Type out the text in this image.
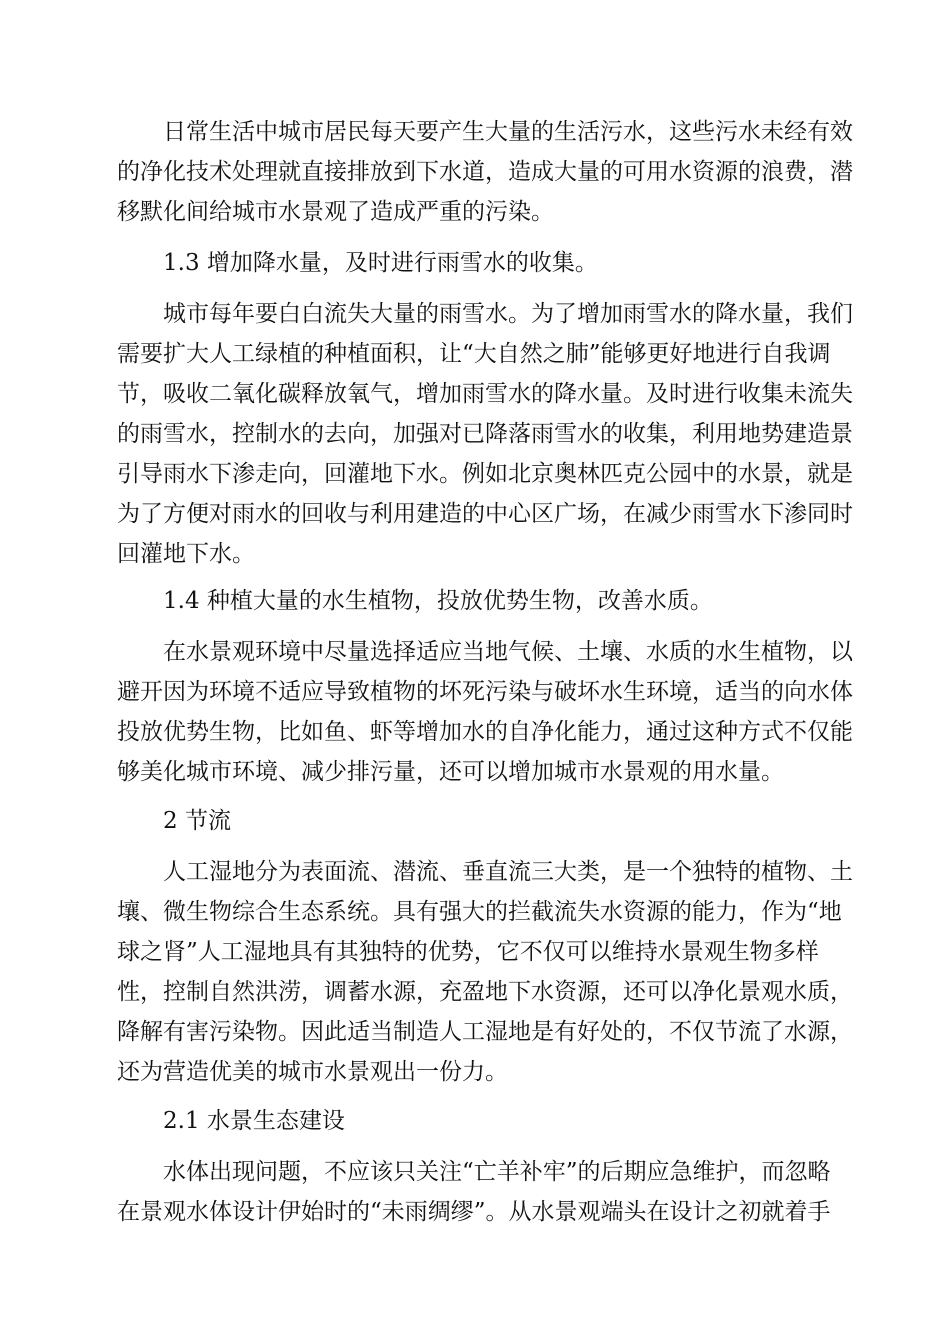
日常生活中城市居民每天要产生大量的生活污水，这些污水未经有效
的净化技术处理就直接排放到下水道，造成大量的可用水资源的浪费，潜
移默化间给城市水景观了造成严重的污染。

1.3 增加降水量，及时进行雨雪水的收集。

城市每年要白白流失大量的雨雪水。为了增加雨雪水的降水量，我们
需要扩大人工绿植的种植面积，让“大自然之肺”能够更好地进行自我调
节，吸收二氧化碳释放氧气，增加雨雪水的降水量。及时进行收集未流失
的雨雪水，控制水的去向，加强对已降落雨雪水的收集，利用地势建造景
引导雨水下渗走向，回灌地下水。例如北京奥林匹克公园中的水景，就是
为了方便对雨水的回收与利用建造的中心区广场，在减少雨雪水下渗同时
回灌地下水。

1.4 种植大量的水生植物，投放优势生物，改善水质。

在水景观环境中尽量选择适应当地气候、土壤、水质的水生植物，以
避开因为环境不适应导致植物的坏死污染与破坏水生环境，适当的向水体
投放优势生物，比如鱼、虾等增加水的自净化能力，通过这种方式不仅能
够美化城市环境、减少排污量，还可以增加城市水景观的用水量。

2 节流

人工湿地分为表面流、潜流、垂直流三大类，是一个独特的植物、土
壤、微生物综合生态系统。具有强大的拦截流失水资源的能力，作为“地
球之肾”人工湿地具有其独特的优势，它不仅可以维持水景观生物多样
性，控制自然洪涝，调蓄水源，充盈地下水资源，还可以净化景观水质，
降解有害污染物。因此适当制造人工湿地是有好处的，不仅节流了水源，
还为营造优美的城市水景观出一份力。

2.1 水景生态建设

水体出现问题，不应该只关注“亡羊补牢”的后期应急维护，而忽略
在景观水体设计伊始时的“未雨绸缪”。从水景观端头在设计之初就着手
